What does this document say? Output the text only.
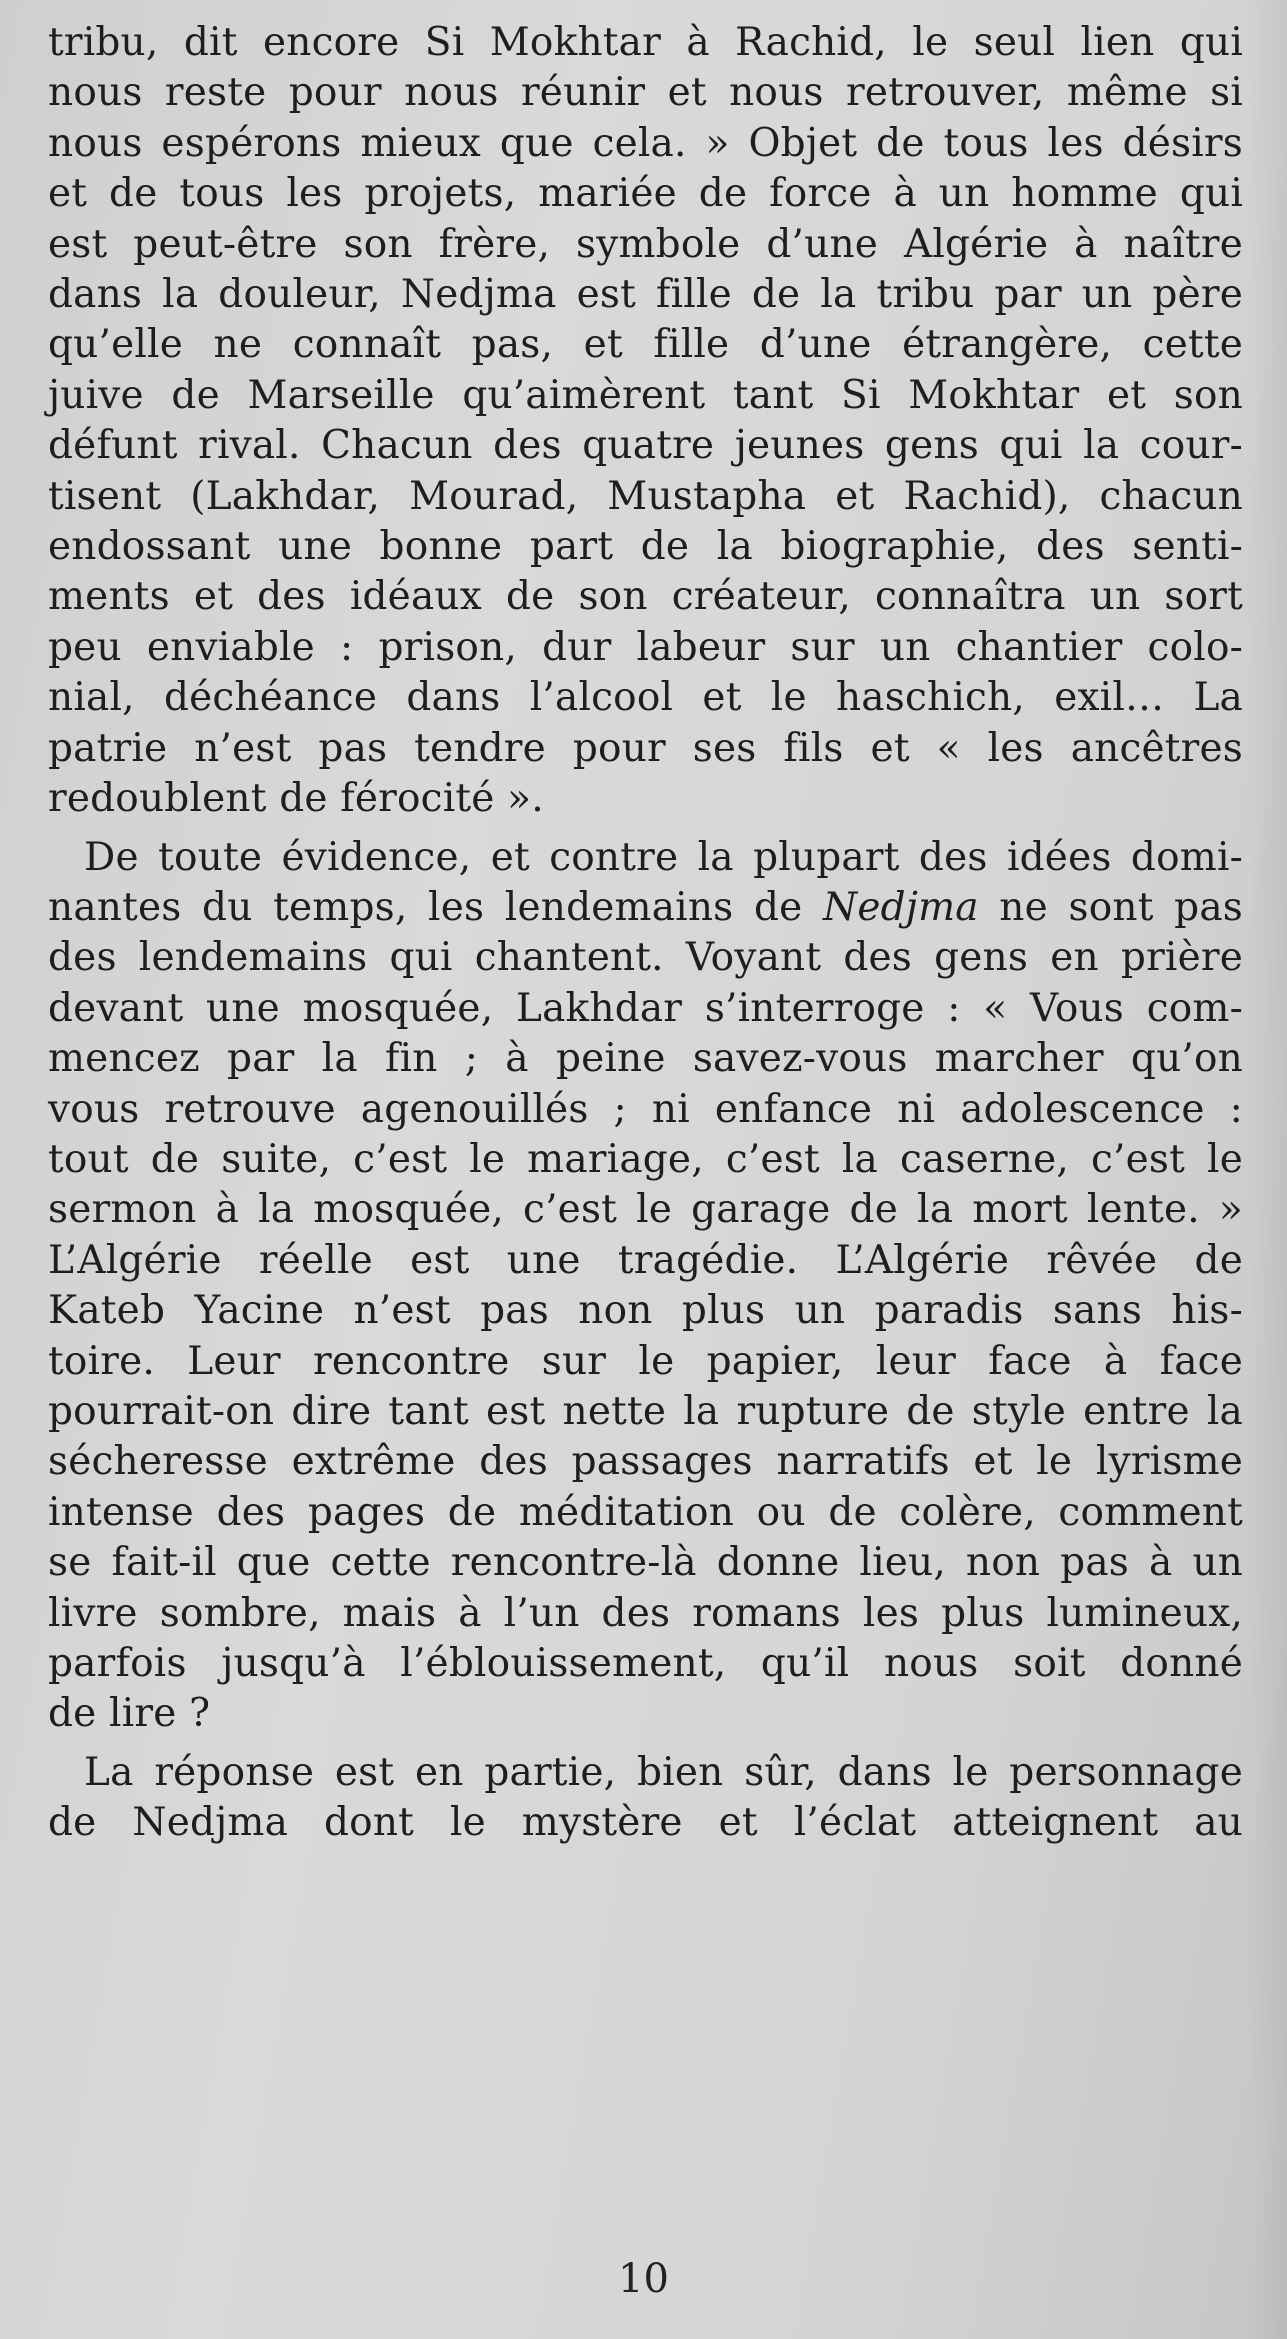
tribu, dit encore Si Mokhtar à Rachid, le seul lien qui
nous reste pour nous réunir et nous retrouver, même si
nous espérons mieux que cela. » Objet de tous les désirs
et de tous les projets, mariée de force à un homme qui
est peut-être son frère, symbole d’une Algérie à naître
dans la douleur, Nedjma est fille de la tribu par un père
qu’elle ne connaît pas, et fille d’une étrangère, cette
juive de Marseille qu’aimèrent tant Si Mokhtar et son
défunt rival. Chacun des quatre jeunes gens qui la cour-
tisent (Lakhdar, Mourad, Mustapha et Rachid), chacun
endossant une bonne part de la biographie, des senti-
ments et des idéaux de son créateur, connaîtra un sort
peu enviable : prison, dur labeur sur un chantier colo-
nial, déchéance dans l’alcool et le haschich, exil… La
patrie n’est pas tendre pour ses fils et « les ancêtres
redoublent de férocité ».

De toute évidence, et contre la plupart des idées domi-
nantes du temps, les lendemains de Nedjma ne sont pas
des lendemains qui chantent. Voyant des gens en prière
devant une mosquée, Lakhdar s’interroge : « Vous com-
mencez par la fin ; à peine savez-vous marcher qu’on
vous retrouve agenouillés ; ni enfance ni adolescence :
tout de suite, c’est le mariage, c’est la caserne, c’est le
sermon à la mosquée, c’est le garage de la mort lente. »
L’Algérie réelle est une tragédie. L’Algérie rêvée de
Kateb Yacine n’est pas non plus un paradis sans his-
toire. Leur rencontre sur le papier, leur face à face
pourrait-on dire tant est nette la rupture de style entre la
sécheresse extrême des passages narratifs et le lyrisme
intense des pages de méditation ou de colère, comment
se fait-il que cette rencontre-là donne lieu, non pas à un
livre sombre, mais à l’un des romans les plus lumineux,
parfois jusqu’à l’éblouissement, qu’il nous soit donné
de lire ?

La réponse est en partie, bien sûr, dans le personnage
de Nedjma dont le mystère et l’éclat atteignent au

10
